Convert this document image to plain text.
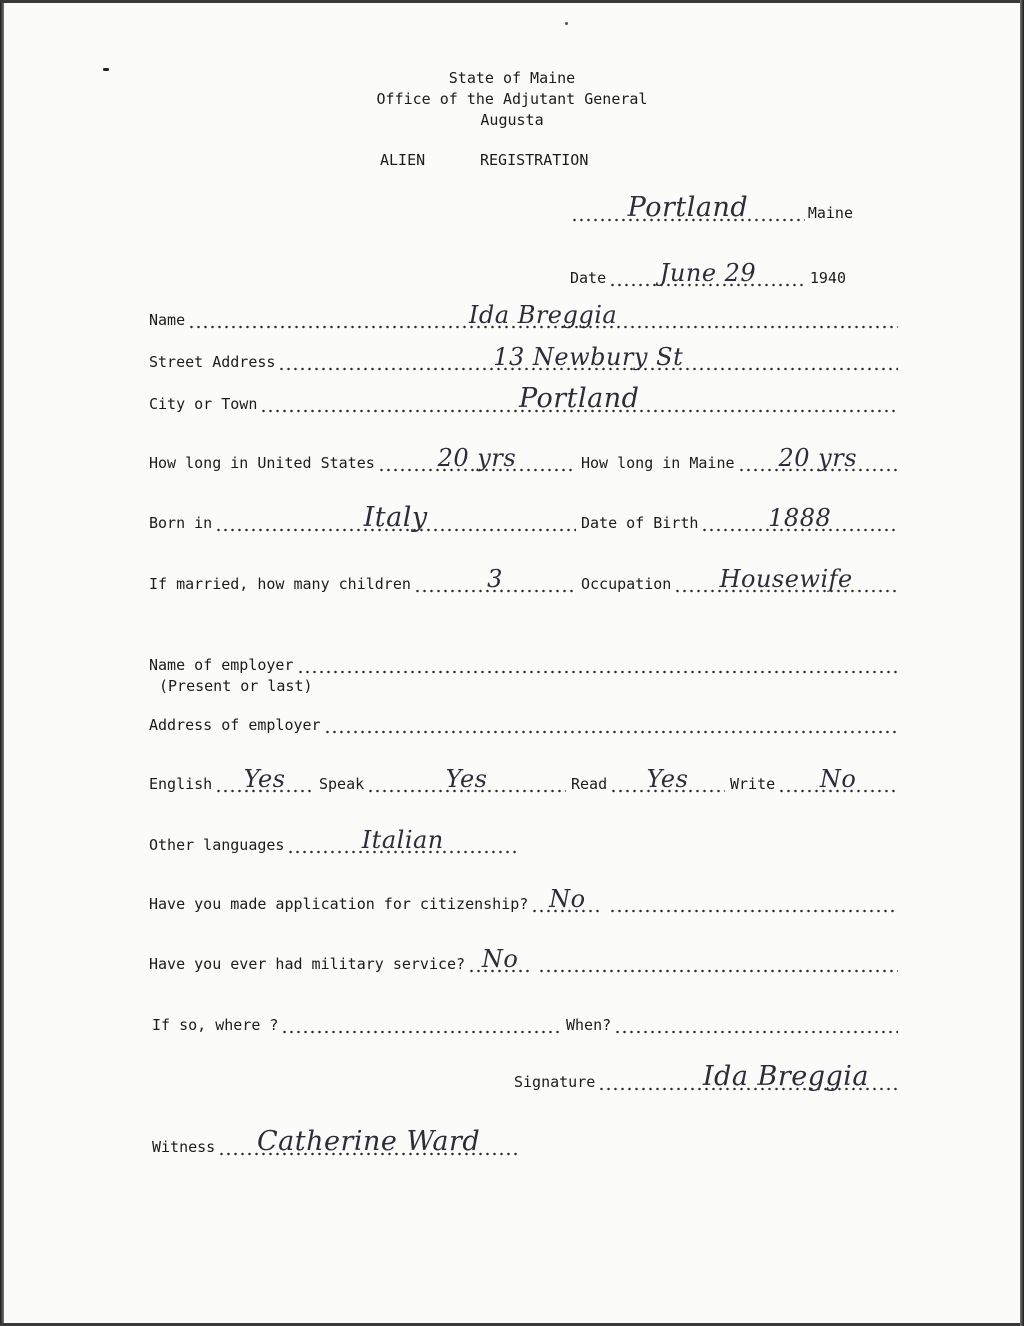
State of Maine
Office of the Adjutant General
Augusta
ALIEN	REGISTRATION
Portland	Maine
Date June 29	1940
Name	Ida Breggia
Street Address	13 Newbury St
City or Town	Portland
How long in United States	20 yrs	How long in Maine 20 yrs
Born in	Italy	Date of Birth	1888
If married, how many children	3	Occupation Housewife
Name of employer
(Present or last)
Address of employer
English Yes Speak	Yes	Read Yes	Write No
Other languages	Italian
Have you made application for citizenship? No
Have you ever had military service? No
If so, where ?	When?
Signature	Ida Breggia
Witness Catherine Ward
